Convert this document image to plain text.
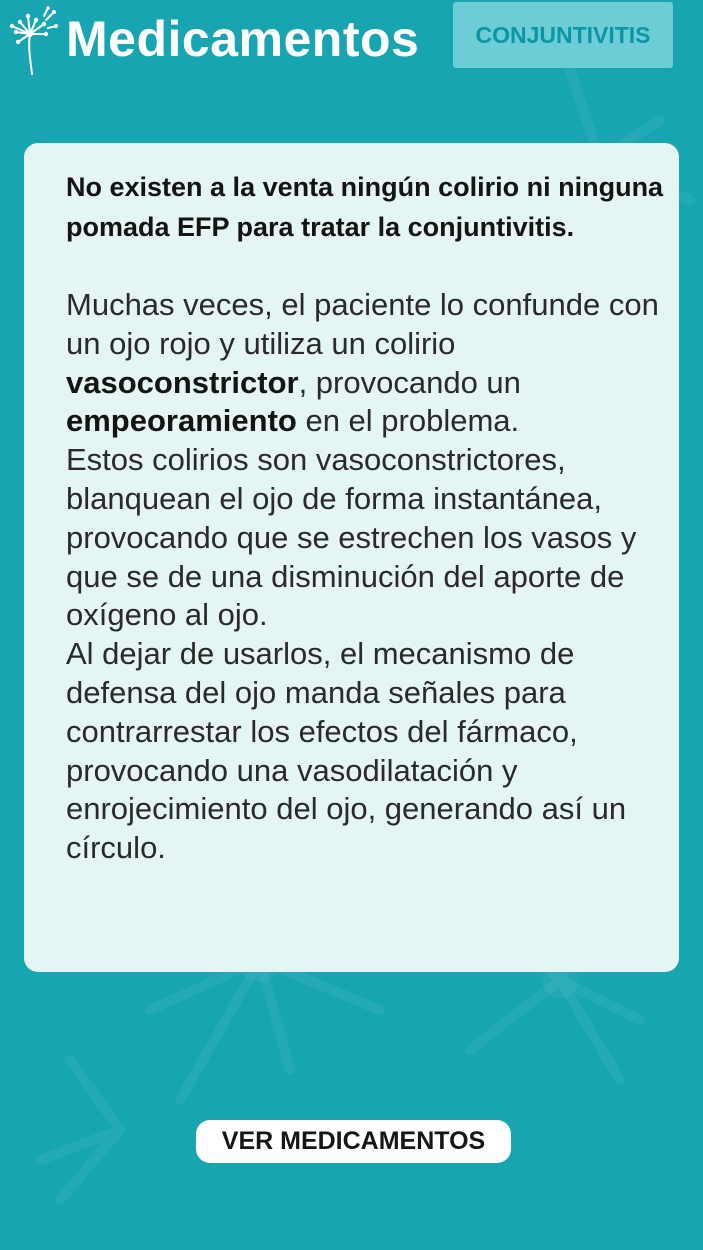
Medicamentos	CONJUNTIVITIS

No existen a la venta ningún colirio ni ninguna pomada EFP para tratar la conjuntivitis.

Muchas veces, el paciente lo confunde con un ojo rojo y utiliza un colirio vasoconstrictor, provocando un empeoramiento en el problema.
Estos colirios son vasoconstrictores, blanquean el ojo de forma instantánea, provocando que se estrechen los vasos y que se de una disminución del aporte de oxígeno al ojo.
Al dejar de usarlos, el mecanismo de defensa del ojo manda señales para contrarrestar los efectos del fármaco, provocando una vasodilatación y enrojecimiento del ojo, generando así un círculo.

VER MEDICAMENTOS
